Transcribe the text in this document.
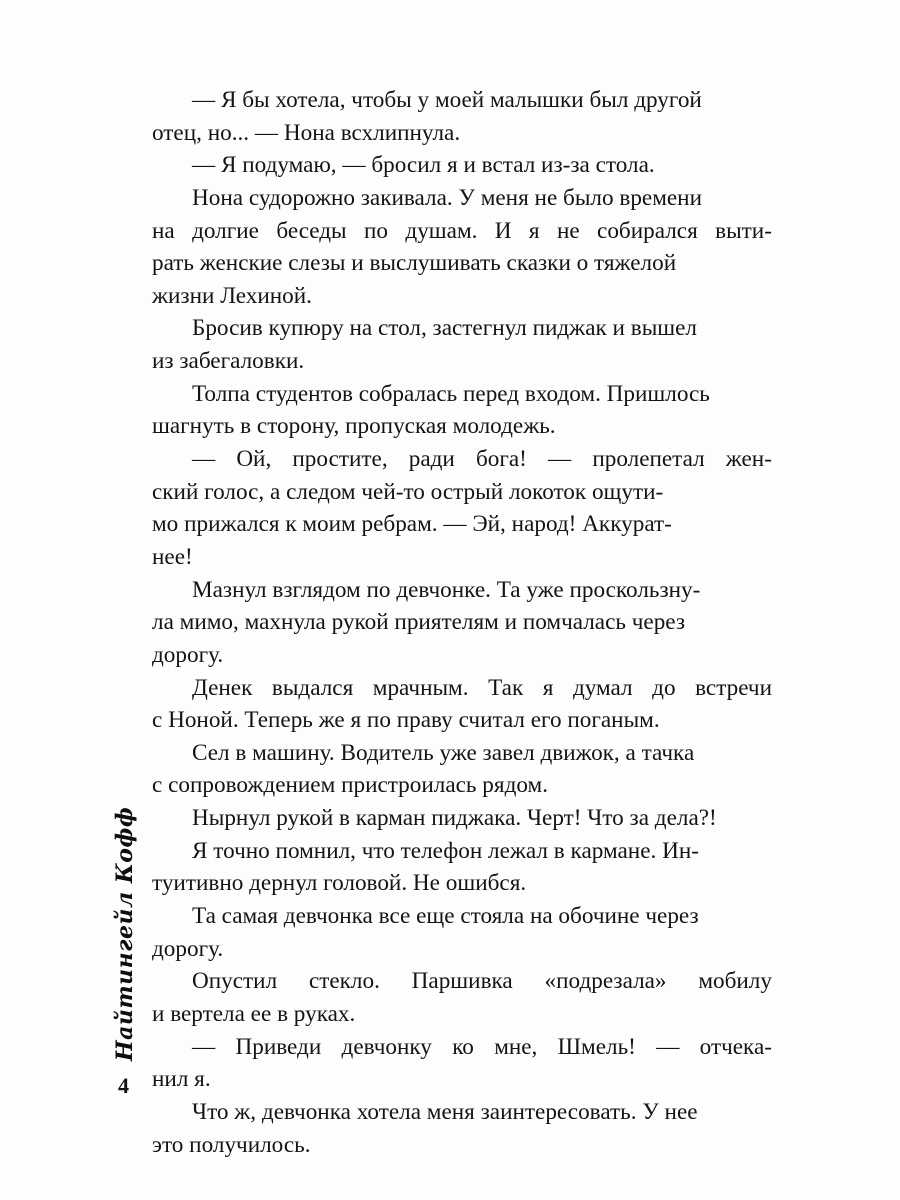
— Я бы хотела, чтобы у моей малышки был другой
отец, но... — Нона всхлипнула.
— Я подумаю, — бросил я и встал из-за стола.
Нона судорожно закивала. У меня не было времени
на долгие беседы по душам. И я не собирался выти-
рать женские слезы и выслушивать сказки о тяжелой
жизни Лехиной.
Бросив купюру на стол, застегнул пиджак и вышел
из забегаловки.
Толпа студентов собралась перед входом. Пришлось
шагнуть в сторону, пропуская молодежь.
— Ой, простите, ради бога! — пролепетал жен-
ский голос, а следом чей-то острый локоток ощути-
мо прижался к моим ребрам. — Эй, народ! Аккурат-
нее!
Мазнул взглядом по девчонке. Та уже проскользну-
ла мимо, махнула рукой приятелям и помчалась через
дорогу.
Денек выдался мрачным. Так я думал до встречи
с Ноной. Теперь же я по праву считал его поганым.
Сел в машину. Водитель уже завел движок, а тачка
с сопровождением пристроилась рядом.
Нырнул рукой в карман пиджака. Черт! Что за дела?!
Я точно помнил, что телефон лежал в кармане. Ин-
туитивно дернул головой. Не ошибся.
Та самая девчонка все еще стояла на обочине через
дорогу.
Опустил стекло. Паршивка «подрезала» мобилу
и вертела ее в руках.
— Приведи девчонку ко мне, Шмель! — отчека-
нил я.
Что ж, девчонка хотела меня заинтересовать. У нее
это получилось.
Найтингейл Кофф
4
